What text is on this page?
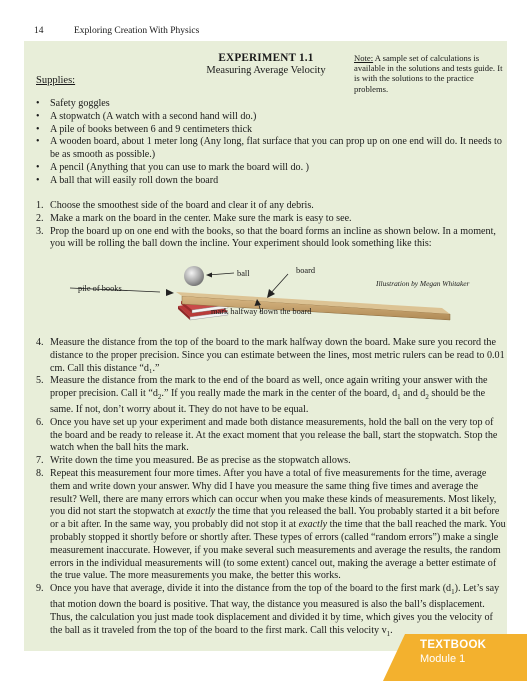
14	Exploring Creation With Physics
EXPERIMENT 1.1
Measuring Average Velocity
Note: A sample set of calculations is available in the solutions and tests guide. It is with the solutions to the practice problems.
Supplies:
• Safety goggles
• A stopwatch (A watch with a second hand will do.)
• A pile of books between 6 and 9 centimeters thick
• A wooden board, about 1 meter long (Any long, flat surface that you can prop up on one end will do. It needs to be as smooth as possible.)
• A pencil (Anything that you can use to mark the board will do. )
• A ball that will easily roll down the board
1. Choose the smoothest side of the board and clear it of any debris.
2. Make a mark on the board in the center. Make sure the mark is easy to see.
3. Prop the board up on one end with the books, so that the board forms an incline as shown below. In a moment, you will be rolling the ball down the incline. Your experiment should look something like this:
ball	board
pile of books
mark halfway down the board
Illustration by Megan Whitaker
4. Measure the distance from the top of the board to the mark halfway down the board. Make sure you record the distance to the proper precision. Since you can estimate between the lines, most metric rulers can be read to 0.01 cm. Call this distance “d₁.”
5. Measure the distance from the mark to the end of the board as well, once again writing your answer with the proper precision. Call it “$d_2$.” If you really made the mark in the center of the board, $d_1$ and $d_2$ should be the same. If not, don’t worry about it. They do not have to be equal.
6. Once you have set up your experiment and made both distance measurements, hold the ball on the very top of the board and be ready to release it. At the exact moment that you release the ball, start the stopwatch. Stop the watch when the ball hits the mark.
7. Write down the time you measured. Be as precise as the stopwatch allows.
8. Repeat this measurement four more times. After you have a total of five measurements for the time, average them and write down your answer. Why did I have you measure the same thing five times and average the result? Well, there are many errors which can occur when you make these kinds of measurements. Most likely, you did not start the stopwatch at exactly the time that you released the ball. You probably started it a bit before or a bit after. In the same way, you probably did not stop it at exactly the time that the ball reached the mark. You probably stopped it shortly before or shortly after. These types of errors (called “random errors”) make a single measurement inaccurate. However, if you make several such measurements and average the results, the random errors in the individual measurements will (to some extent) cancel out, making the average a better estimate of the true value. The more measurements you make, the better this works.
9. Once you have that average, divide it into the distance from the top of the board to the first mark $(d_1)$. Let’s say that motion down the board is positive. That way, the distance you measured is also the ball’s displacement. Thus, the calculation you just made took displacement and divided it by time, which gives you the velocity of the ball as it traveled from the top of the board to the first mark. Call this velocity v .
TEXTBOOK
Module 1
